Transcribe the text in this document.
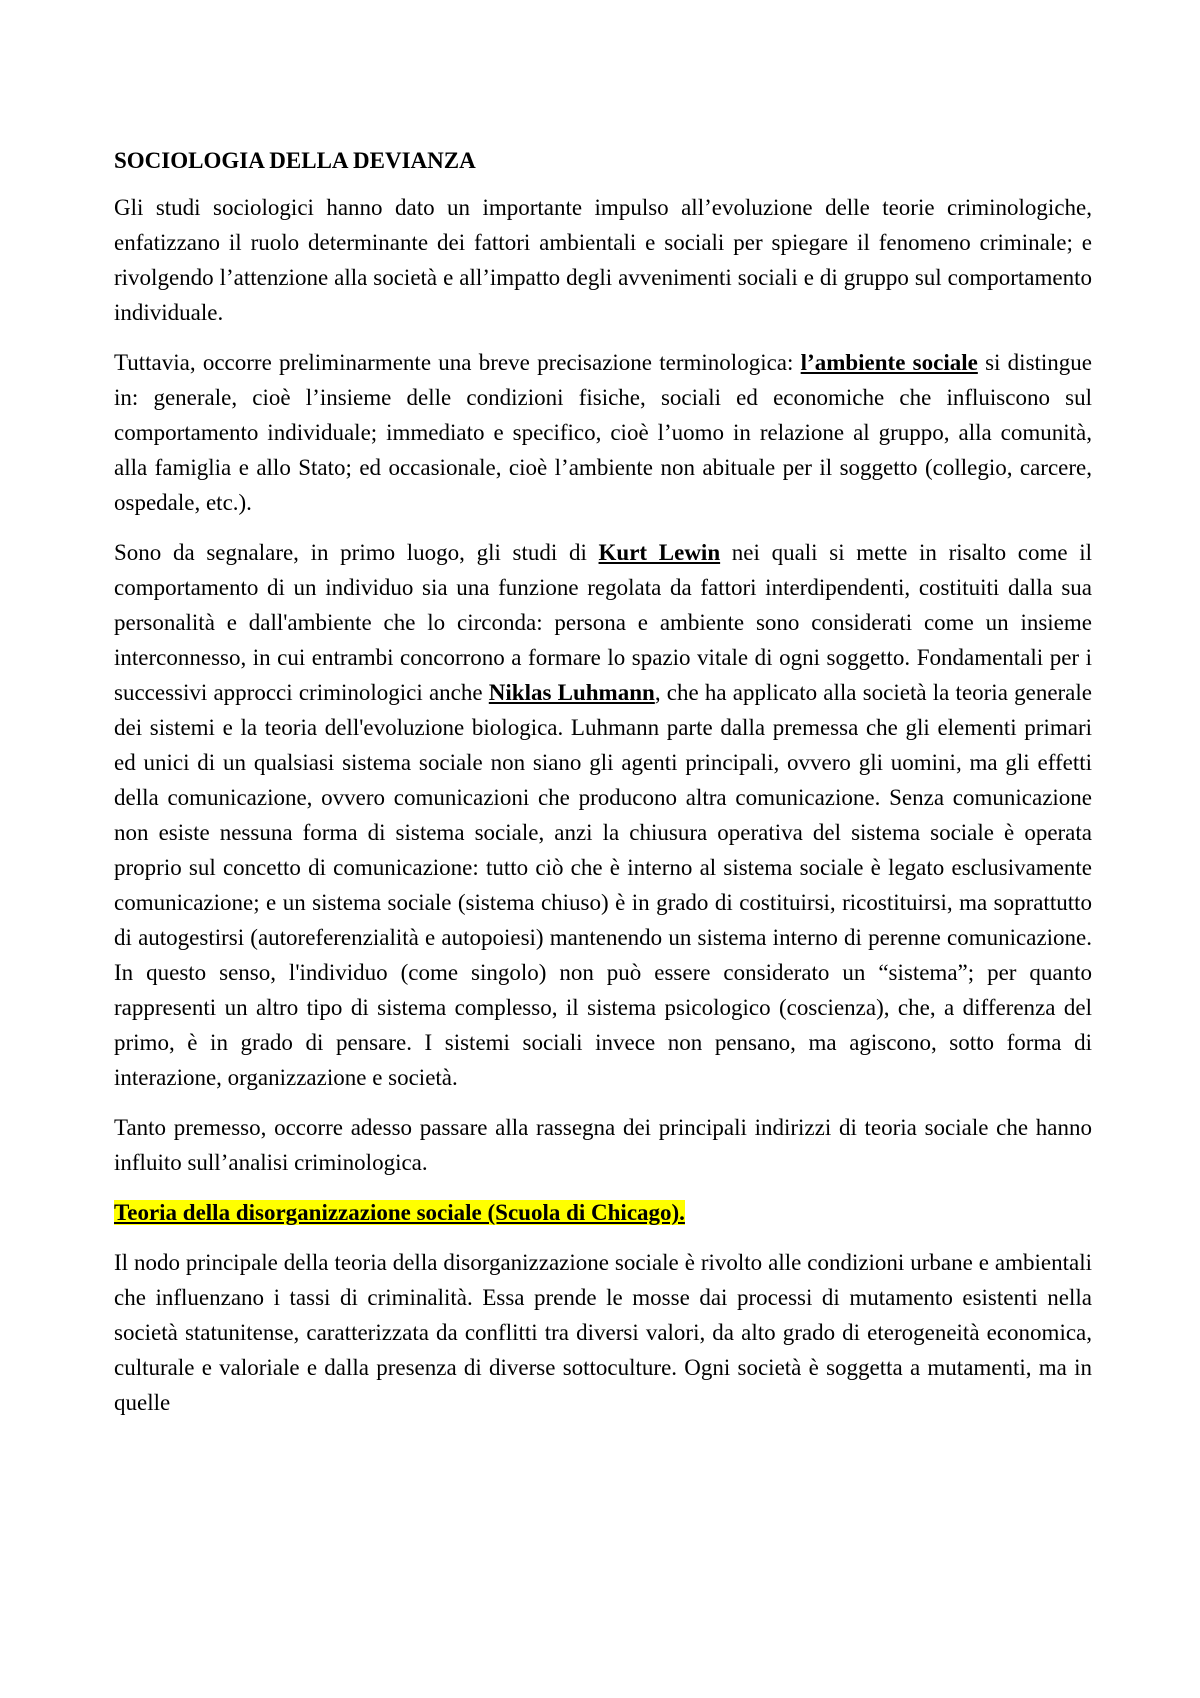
SOCIOLOGIA DELLA DEVIANZA

Gli studi sociologici hanno dato un importante impulso all’evoluzione delle teorie criminologiche, enfatizzano il ruolo determinante dei fattori ambientali e sociali per spiegare il fenomeno criminale; e rivolgendo l’attenzione alla società e all’impatto degli avvenimenti sociali e di gruppo sul comportamento individuale.

Tuttavia, occorre preliminarmente una breve precisazione terminologica: l’ambiente sociale si distingue in: generale, cioè l’insieme delle condizioni fisiche, sociali ed economiche che influiscono sul comportamento individuale; immediato e specifico, cioè l’uomo in relazione al gruppo, alla comunità, alla famiglia e allo Stato; ed occasionale, cioè l’ambiente non abituale per il soggetto (collegio, carcere, ospedale, etc.).

Sono da segnalare, in primo luogo, gli studi di Kurt Lewin nei quali si mette in risalto come il comportamento di un individuo sia una funzione regolata da fattori interdipendenti, costituiti dalla sua personalità e dall'ambiente che lo circonda: persona e ambiente sono considerati come un insieme interconnesso, in cui entrambi concorrono a formare lo spazio vitale di ogni soggetto. Fondamentali per i successivi approcci criminologici anche Niklas Luhmann, che ha applicato alla società la teoria generale dei sistemi e la teoria dell'evoluzione biologica. Luhmann parte dalla premessa che gli elementi primari ed unici di un qualsiasi sistema sociale non siano gli agenti principali, ovvero gli uomini, ma gli effetti della comunicazione, ovvero comunicazioni che producono altra comunicazione. Senza comunicazione non esiste nessuna forma di sistema sociale, anzi la chiusura operativa del sistema sociale è operata proprio sul concetto di comunicazione: tutto ciò che è interno al sistema sociale è legato esclusivamente comunicazione; e un sistema sociale (sistema chiuso) è in grado di costituirsi, ricostituirsi, ma soprattutto di autogestirsi (autoreferenzialità e autopoiesi) mantenendo un sistema interno di perenne comunicazione. In questo senso, l'individuo (come singolo) non può essere considerato un “sistema”; per quanto rappresenti un altro tipo di sistema complesso, il sistema psicologico (coscienza), che, a differenza del primo, è in grado di pensare. I sistemi sociali invece non pensano, ma agiscono, sotto forma di interazione, organizzazione e società.

Tanto premesso, occorre adesso passare alla rassegna dei principali indirizzi di teoria sociale che hanno influito sull’analisi criminologica.

Teoria della disorganizzazione sociale (Scuola di Chicago).

Il nodo principale della teoria della disorganizzazione sociale è rivolto alle condizioni urbane e ambientali che influenzano i tassi di criminalità. Essa prende le mosse dai processi di mutamento esistenti nella società statunitense, caratterizzata da conflitti tra diversi valori, da alto grado di eterogeneità economica, culturale e valoriale e dalla presenza di diverse sottoculture. Ogni società è soggetta a mutamenti, ma in quelle
